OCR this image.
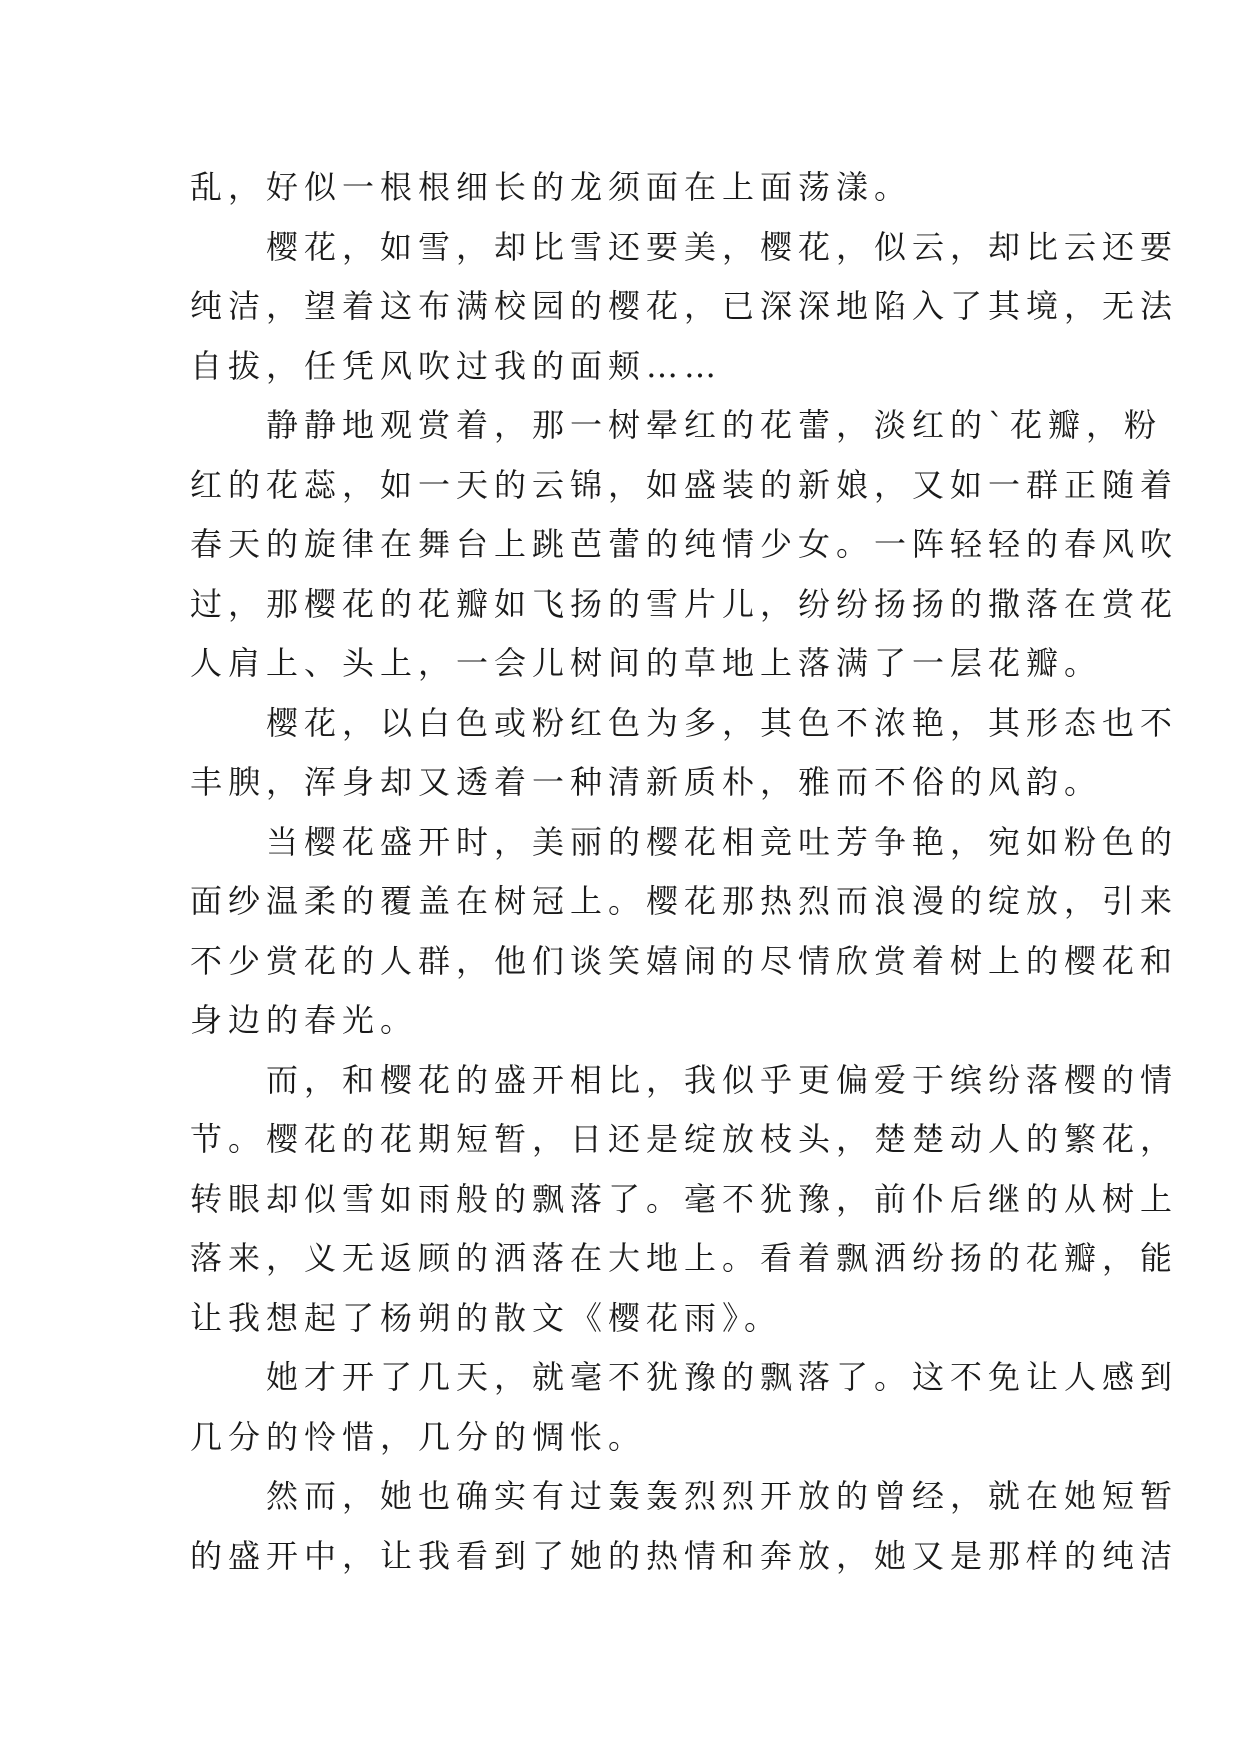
乱，好似一根根细长的龙须面在上面荡漾。

　　樱花，如雪，却比雪还要美，樱花，似云，却比云还要
纯洁，望着这布满校园的樱花，已深深地陷入了其境，无法
自拔，任凭风吹过我的面颊……

　　静静地观赏着，那一树晕红的花蕾，淡红的`花瓣，粉
红的花蕊，如一天的云锦，如盛装的新娘，又如一群正随着
春天的旋律在舞台上跳芭蕾的纯情少女。一阵轻轻的春风吹
过，那樱花的花瓣如飞扬的雪片儿，纷纷扬扬的撒落在赏花
人肩上、头上，一会儿树间的草地上落满了一层花瓣。

　　樱花，以白色或粉红色为多，其色不浓艳，其形态也不
丰腴，浑身却又透着一种清新质朴，雅而不俗的风韵。

　　当樱花盛开时，美丽的樱花相竞吐芳争艳，宛如粉色的
面纱温柔的覆盖在树冠上。樱花那热烈而浪漫的绽放，引来
不少赏花的人群，他们谈笑嬉闹的尽情欣赏着树上的樱花和
身边的春光。

　　而，和樱花的盛开相比，我似乎更偏爱于缤纷落樱的情
节。樱花的花期短暂，日还是绽放枝头，楚楚动人的繁花，
转眼却似雪如雨般的飘落了。毫不犹豫，前仆后继的从树上
落来，义无返顾的洒落在大地上。看着飘洒纷扬的花瓣，能
让我想起了杨朔的散文《樱花雨》。

　　她才开了几天，就毫不犹豫的飘落了。这不免让人感到
几分的怜惜，几分的惆怅。

　　然而，她也确实有过轰轰烈烈开放的曾经，就在她短暂
的盛开中，让我看到了她的热情和奔放，她又是那样的纯洁
